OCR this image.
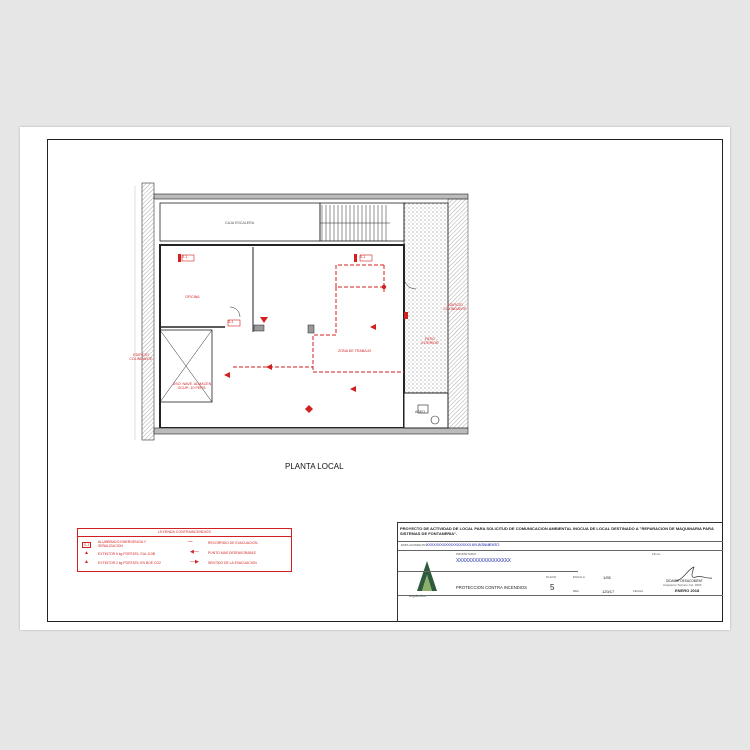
CAJA ESCALERA
OFICINA
ZONA DE TRABAJO
ASEO
EDIFICIO COLINDANTE
EDIFICIO COLINDANTE
PATIO INTERIOR
USO: NAVE. ALMACEN
OCUP.: 10 PERS.
S-1	S-1
S-1
PLANTA LOCAL
LEYENDA CONTRAINCENDIOS
S-1
ALUMBRADO EMERGENCIA Y SEÑALIZACION
▲	EXTINTOR 6 kg PORTATIL 21A-113B
▲	EXTINTOR 2 kg PORTATIL EN BOE CO2
- - - -	RECORRIDO DE EVACUACION
◀—	PUNTO MAS DESFAVORABLE
—▶	SENTIDO DE LA EVACUACION
PROYECTO DE ACTIVIDAD DE LOCAL PARA SOLICITUD DE COMUNICACION AMBIENTAL INOCUA DE LOCAL DESTINADO A "REPARACION DE MAQUINARIA PARA SISTEMAS DE FONTANERIA".
EMPLAZAMIENTO XXXXXXXXXXXXXXXXXXX AYUNTAMIENTO
arquitectos
PROPIETARIO
XXXXXXXXXXXXXXXXXX
Firma:
PROTECCION CONTRA INCENDIOS
PLANO
5
ESCALA	1/55
REF.	120/17	FECHA	ENERO 2018
DIDAMIR DESACOMENT
Arquitecto Técnico Col. 3060
